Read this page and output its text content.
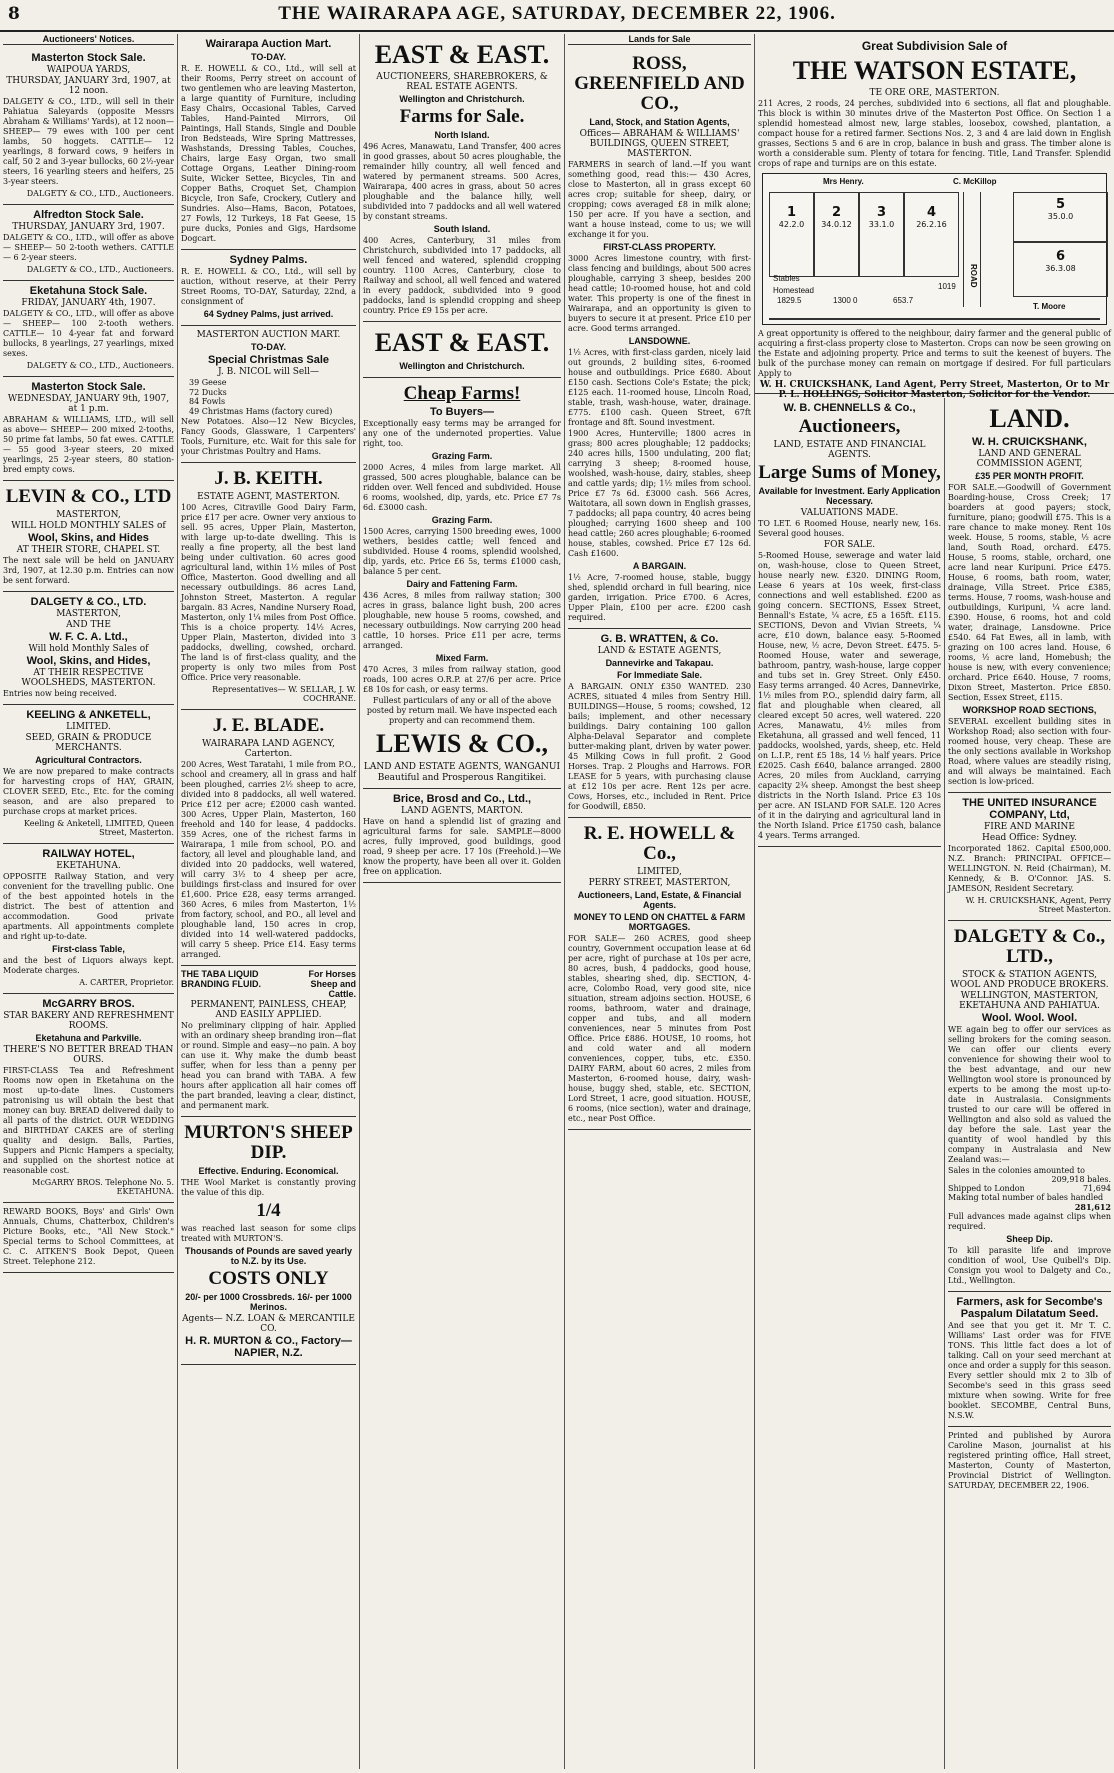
8	THE WAIRARAPA AGE, SATURDAY, DECEMBER 22, 1906.
Auctioneers' Notices.
Masterton Stock Sale.
WAIPOUA YARDS,
THURSDAY, JANUARY 3rd, 1907, at 12 noon.

DALGETY & CO., LTD., will sell in their Pahiatua Saleyards (opposite Messrs Abraham & Williams' Yards), at 12 noon— SHEEP— 79 ewes with 100 per cent lambs, 50 hoggets. CATTLE— 12 yearlings, 8 forward cows, 9 heifers in calf, 50 2 and 3-year bullocks, 60 2½-year steers, 16 yearling steers and heifers, 25 3-year steers.

DALGETY & CO., LTD., Auctioneers.
Alfredton Stock Sale.
THURSDAY, JANUARY 3rd, 1907.

DALGETY & CO., LTD., will offer as above— SHEEP— 50 2-tooth wethers. CATTLE— 6 2-year steers.

DALGETY & CO., LTD., Auctioneers.
Eketahuna Stock Sale.
FRIDAY, JANUARY 4th, 1907.

DALGETY & CO., LTD., will offer as above— SHEEP— 100 2-tooth wethers. CATTLE— 10 4-year fat and forward bullocks, 8 yearlings, 27 yearlings, mixed sexes.

DALGETY & CO., LTD., Auctioneers.
Masterton Stock Sale.
WEDNESDAY, JANUARY 9th, 1907, at 1 p.m.

ABRAHAM & WILLIAMS, LTD., will sell as above— SHEEP— 200 mixed 2-tooths, 50 prime fat lambs, 50 fat ewes. CATTLE— 55 good 3-year steers, 20 mixed yearlings, 25 2-year steers, 80 station-bred empty cows.

LEVIN & CO., LTD
MASTERTON,
WILL HOLD MONTHLY SALES of
Wool, Skins, and Hides
AT THEIR STORE, CHAPEL ST.

The next sale will be held on JANUARY 3rd, 1907, at 12.30 p.m. Entries can now be sent forward.

DALGETY & CO., LTD.
MASTERTON,
AND THE
W. F. C. A. Ltd.,
Will hold Monthly Sales of
Wool, Skins, and Hides,
AT THEIR RESPECTIVE WOOLSHEDS, MASTERTON.

Entries now being received.

KEELING & ANKETELL,
LIMITED.
SEED, GRAIN & PRODUCE MERCHANTS.
Agricultural Contractors.

We are now prepared to make contracts for harvesting crops of HAY, GRAIN, CLOVER SEED, Etc., Etc. for the coming season, and are also prepared to purchase crops at market prices.

Keeling & Anketell, LIMITED, Queen Street, Masterton.
RAILWAY HOTEL,
EKETAHUNA.

OPPOSITE Railway Station, and very convenient for the travelling public. One of the best appointed hotels in the district. The best of attention and accommodation. Good private apartments. All appointments complete and right up-to-date.

First-class Table,

and the best of Liquors always kept. Moderate charges.

A. CARTER, Proprietor.
McGARRY BROS.
STAR BAKERY AND REFRESHMENT ROOMS.
Eketahuna and Parkville.
THERE'S NO BETTER BREAD THAN OURS.

FIRST-CLASS Tea and Refreshment Rooms now open in Eketahuna on the most up-to-date lines. Customers patronising us will obtain the best that money can buy. BREAD delivered daily to all parts of the district. OUR WEDDING and BIRTHDAY CAKES are of sterling quality and design. Balls, Parties, Suppers and Picnic Hampers a specialty, and supplied on the shortest notice at reasonable cost.

McGARRY BROS. Telephone No. 5. EKETAHUNA.

REWARD BOOKS, Boys' and Girls' Own Annuals, Chums, Chatterbox, Children's Picture Books, etc., "All New Stock." Special terms to School Committees, at C. C. AITKEN'S Book Depot, Queen Street. Telephone 212.

Wairarapa Auction Mart.
TO-DAY.

R. E. HOWELL & CO., Ltd., will sell at their Rooms, Perry street on account of two gentlemen who are leaving Masterton, a large quantity of Furniture, including Easy Chairs, Occasional Tables, Carved Tables, Hand-Painted Mirrors, Oil Paintings, Hall Stands, Single and Double Iron Bedsteads, Wire Spring Mattresses, Washstands, Dressing Tables, Couches, Chairs, large Easy Organ, two small Cottage Organs, Leather Dining-room Suite, Wicker Settee, Bicycles, Tin and Copper Baths, Croquet Set, Champion Bicycle, Iron Safe, Crockery, Cutlery and Sundries. Also—Hams, Bacon, Potatoes, 27 Fowls, 12 Turkeys, 18 Fat Geese, 15 pure ducks, Ponies and Gigs, Hardsome Dogcart.

Sydney Palms.

R. E. HOWELL & CO., Ltd., will sell by auction, without reserve, at their Perry Street Rooms, TO-DAY, Saturday, 22nd, a consignment of

64 Sydney Palms, just arrived.
MASTERTON AUCTION MART.
TO-DAY.
Special Christmas Sale
J. B. NICOL will Sell—
39 Geese
72 Ducks
84 Fowls
49 Christmas Hams (factory cured)

New Potatoes. Also—12 New Bicycles, Fancy Goods, Glassware, 1 Carpenters' Tools, Furniture, etc. Wait for this sale for your Christmas Poultry and Hams.

J. B. KEITH.
ESTATE AGENT, MASTERTON.

100 Acres, Citraville Good Dairy Farm, price £17 per acre. Owner very anxious to sell. 95 acres, Upper Plain, Masterton, with large up-to-date dwelling. This is really a fine property, all the best land being under cultivation. 60 acres good agricultural land, within 1½ miles of Post Office, Masterton. Good dwelling and all necessary outbuildings. 86 acres Land, Johnston Street, Masterton. A regular bargain. 83 Acres, Nandine Nursery Road, Masterton, only 1¼ miles from Post Office. This is a choice property. 14½ Acres, Upper Plain, Masterton, divided into 3 paddocks, dwelling, cowshed, orchard. The land is of first-class quality, and the property is only two miles from Post Office. Price very reasonable.

Representatives— W. SELLAR, J. W. COCHRANE.
J. E. BLADE.
WAIRARAPA LAND AGENCY, Carterton.

200 Acres, West Taratahi, 1 mile from P.O., school and creamery, all in grass and half been ploughed, carries 2½ sheep to acre, divided into 8 paddocks, all well watered. Price £12 per acre; £2000 cash wanted. 300 Acres, Upper Plain, Masterton, 160 freehold and 140 for lease, 4 paddocks. 359 Acres, one of the richest farms in Wairarapa, 1 mile from school, P.O. and factory, all level and ploughable land, and divided into 20 paddocks, well watered, will carry 3½ to 4 sheep per acre, buildings first-class and insured for over £1,600. Price £28, easy terms arranged. 360 Acres, 6 miles from Masterton, 1½ from factory, school, and P.O., all level and ploughable land, 150 acres in crop, divided into 14 well-watered paddocks, will carry 5 sheep. Price £14. Easy terms arranged.

THE TABA LIQUID BRANDING FLUID.
For Horses Sheep and Cattle.
PERMANENT, PAINLESS, CHEAP, AND EASILY APPLIED.

No preliminary clipping of hair. Applied with an ordinary sheep branding iron—flat or round. Simple and easy—no pain. A boy can use it. Why make the dumb beast suffer, when for less than a penny per head you can brand with TABA. A few hours after application all hair comes off the part branded, leaving a clear, distinct, and permanent mark.

MURTON'S SHEEP DIP.
Effective. Enduring. Economical.

THE Wool Market is constantly proving the value of this dip.

1/4

was reached last season for some clips treated with MURTON'S.

Thousands of Pounds are saved yearly to N.Z. by its Use.
COSTS ONLY
20/- per 1000 Crossbreds. 16/- per 1000 Merinos.
Agents— N.Z. LOAN & MERCANTILE CO.
H. R. MURTON & CO., Factory—NAPIER, N.Z.
EAST & EAST.
AUCTIONEERS, SHAREBROKERS, & REAL ESTATE AGENTS.
Wellington and Christchurch.
Farms for Sale.
North Island.

496 Acres, Manawatu, Land Transfer, 400 acres in good grasses, about 50 acres ploughable, the remainder hilly country, all well fenced and watered by permanent streams. 500 Acres, Wairarapa, 400 acres in grass, about 50 acres ploughable and the balance hilly, well subdivided into 7 paddocks and all well watered by constant streams.

South Island.

400 Acres, Canterbury, 31 miles from Christchurch, subdivided into 17 paddocks, all well fenced and watered, splendid cropping country. 1100 Acres, Canterbury, close to Railway and school, all well fenced and watered in every paddock, subdivided into 9 good paddocks, land is splendid cropping and sheep country. Price £9 15s per acre.

EAST & EAST.
Wellington and Christchurch.
Cheap Farms!
To Buyers—

Exceptionally easy terms may be arranged for any one of the undernoted properties. Value right, too.

Grazing Farm.

2000 Acres, 4 miles from large market. All grassed, 500 acres ploughable, balance can be ridden over. Well fenced and subdivided. House 6 rooms, woolshed, dip, yards, etc. Price £7 7s 6d. £3000 cash.

Grazing Farm.

1500 Acres, carrying 1500 breeding ewes, 1000 wethers, besides cattle; well fenced and subdivided. House 4 rooms, splendid woolshed, dip, yards, etc. Price £6 5s, terms £1000 cash, balance 5 per cent.

Dairy and Fattening Farm.

436 Acres, 8 miles from railway station; 300 acres in grass, balance light bush, 200 acres ploughable, new house 5 rooms, cowshed, and necessary outbuildings. Now carrying 200 head cattle, 10 horses. Price £11 per acre, terms arranged.

Mixed Farm.

470 Acres, 3 miles from railway station, good roads, 100 acres O.R.P. at 27/6 per acre. Price £8 10s for cash, or easy terms.

Fullest particulars of any or all of the above posted by return mail. We have inspected each property and can recommend them.

LEWIS & CO.,
LAND AND ESTATE AGENTS, WANGANUI
Beautiful and Prosperous Rangitikei.
Brice, Brosd and Co., Ltd.,
LAND AGENTS, MARTON.

Have on hand a splendid list of grazing and agricultural farms for sale. SAMPLE—8000 acres, fully improved, good buildings, good road, 9 sheep per acre. 17 10s (Freehold.)—We know the property, have been all over it. Golden free on application.

Lands for Sale
ROSS, GREENFIELD AND CO.,
Land, Stock, and Station Agents,
Offices— ABRAHAM & WILLIAMS' BUILDINGS, QUEEN STREET, MASTERTON.

FARMERS in search of land.—If you want something good, read this:— 430 Acres, close to Masterton, all in grass except 60 acres crop; suitable for sheep, dairy, or cropping; cows averaged £8 in milk alone; 150 per acre. If you have a section, and want a house instead, come to us; we will exchange it for you.

FIRST-CLASS PROPERTY.

3000 Acres limestone country, with first-class fencing and buildings, about 500 acres ploughable, carrying 3 sheep, besides 200 head cattle; 10-roomed house, hot and cold water. This property is one of the finest in Wairarapa, and an opportunity is given to buyers to secure it at present. Price £10 per acre. Good terms arranged.

LANSDOWNE.

1½ Acres, with first-class garden, nicely laid out grounds, 2 building sites, 6-roomed house and outbuildings. Price £680. About £150 cash. Sections Cole's Estate; the pick; £125 each. 11-roomed house, Lincoln Road, stable, trash, wash-house, water, drainage. £775. £100 cash. Queen Street, 67ft frontage and 8ft. Sound investment.

1900 Acres, Hunterville; 1800 acres in grass; 800 acres ploughable; 12 paddocks; 240 acres hills, 1500 undulating, 200 flat; carrying 3 sheep; 8-roomed house, woolshed, wash-house, dairy, stables, sheep and cattle yards; dip; 1½ miles from school. Price £7 7s 6d. £3000 cash. 566 Acres, Waitotara, all sown down in English grasses, 7 paddocks; all papa country, 40 acres being ploughed; carrying 1600 sheep and 100 head cattle; 260 acres ploughable; 6-roomed house, stables, cowshed. Price £7 12s 6d. Cash £1600.

A BARGAIN.

1½ Acre, 7-roomed house, stable, buggy shed, splendid orchard in full bearing, nice garden, irrigation. Price £700. 6 Acres, Upper Plain, £100 per acre. £200 cash required.

G. B. WRATTEN, & Co.
LAND & ESTATE AGENTS,
Dannevirke and Takapau.
For Immediate Sale.

A BARGAIN. ONLY £350 WANTED. 230 ACRES, situated 4 miles from Sentry Hill. BUILDINGS—House, 5 rooms; cowshed, 12 bails; implement, and other necessary buildings. Dairy containing 100 gallon Alpha-Delaval Separator and complete butter-making plant, driven by water power. 45 Milking Cows in full profit. 2 Good Horses. Trap. 2 Ploughs and Harrows. FOR LEASE for 5 years, with purchasing clause at £12 10s per acre. Rent 12s per acre. Cows, Horses, etc., included in Rent. Price for Goodwill, £850.

R. E. HOWELL & Co.,
LIMITED,
PERRY STREET, MASTERTON,
Auctioneers, Land, Estate, & Financial Agents.
MONEY TO LEND ON CHATTEL & FARM MORTGAGES.

FOR SALE— 260 ACRES, good sheep country, Government occupation lease at 6d per acre, right of purchase at 10s per acre, 80 acres, bush, 4 paddocks, good house, stables, shearing shed, dip. SECTION, 4-acre, Colombo Road, very good site, nice situation, stream adjoins section. HOUSE, 6 rooms, bathroom, water and drainage, copper and tubs, and all modern conveniences, near 5 minutes from Post Office. Price £886. HOUSE, 10 rooms, hot and cold water and all modern conveniences, copper, tubs, etc. £350. DAIRY FARM, about 60 acres, 2 miles from Masterton, 6-roomed house, dairy, wash-house, buggy shed, stable, etc. SECTION, Lord Street, 1 acre, good situation. HOUSE, 6 rooms, (nice section), water and drainage, etc., near Post Office.

Great Subdivision Sale of
THE WATSON ESTATE,
TE ORE ORE, MASTERTON.

211 Acres, 2 roods, 24 perches, subdivided into 6 sections, all flat and ploughable. This block is within 30 minutes drive of the Masterton Post Office. On Section 1 a splendid homestead almost new, large stables, loosebox, cowshed, plantation, a compact house for a retired farmer. Sections Nos. 2, 3 and 4 are laid down in English grasses, Sections 5 and 6 are in crop, balance in bush and grass. The timber alone is worth a considerable sum. Plenty of totara for fencing. Title, Land Transfer. Splendid crops of rape and turnips are on this estate.

Mrs Henry.	C. McKillop
T. Moore
1
42.2.0
2
34.0.12
3
33.1.0
4
26.2.16
5
35.0.0
6
36.3.08
ROAD
Homestead
Stables
1829.5	1300 0	653.7
1019

A great opportunity is offered to the neighbour, dairy farmer and the general public of acquiring a first-class property close to Masterton. Crops can now be seen growing on the Estate and adjoining property. Price and terms to suit the keenest of buyers. The bulk of the purchase money can remain on mortgage if desired. For full particulars Apply to

W. H. CRUICKSHANK, Land Agent, Perry Street, Masterton, Or to Mr P. L. HOLLINGS, Solicitor Masterton, Solicitor for the Vendor.
W. B. CHENNELLS & Co.,
Auctioneers,
LAND, ESTATE AND FINANCIAL AGENTS.
Large Sums of Money,
Available for Investment. Early Application Necessary.
VALUATIONS MADE.

TO LET. 6 Roomed House, nearly new, 16s. Several good houses.

FOR SALE.

5-Roomed House, sewerage and water laid on, wash-house, close to Queen Street, house nearly new. £320. DINING Room, Lease 6 years at 10s week, first-class connections and well established. £200 as going concern. SECTIONS, Essex Street, Bennall's Estate, ¼ acre, £5 a 165ft. £115. SECTIONS, Devon and Vivian Streets, ¼ acre, £10 down, balance easy. 5-Roomed House, new, ½ acre, Devon Street. £475. 5-Roomed House, water and sewerage, bathroom, pantry, wash-house, large copper and tubs set in. Grey Street. Only £450. Easy terms arranged. 40 Acres, Dannevirke, 1½ miles from P.O., splendid dairy farm, all flat and ploughable when cleared, all cleared except 50 acres, well watered. 220 Acres, Manawatu, 4½ miles from Eketahuna, all grassed and well fenced, 11 paddocks, woolshed, yards, sheep, etc. Held on L.I.P., rent £5 18s, 14 ½ half years. Price £2025. Cash £640, balance arranged. 2800 Acres, 20 miles from Auckland, carrying capacity 2¾ sheep. Amongst the best sheep districts in the North Island. Price £3 10s per acre. AN ISLAND FOR SALE. 120 Acres of it in the dairying and agricultural land in the North Island. Price £1750 cash, balance 4 years. Terms arranged.

LAND.
W. H. CRUICKSHANK,
LAND AND GENERAL COMMISSION AGENT,
£35 PER MONTH PROFIT.

FOR SALE.—Goodwill of Government Boarding-house, Cross Creek; 17 boarders at good payers; stock, furniture, piano; goodwill £75. This is a rare chance to make money. Rent 10s week. House, 5 rooms, stable, ½ acre land, South Road, orchard. £475. House, 5 rooms, stable, orchard, one acre land near Kuripuni. Price £475. House, 6 rooms, bath room, water, drainage, Villa Street. Price £385, terms. House, 7 rooms, wash-house and outbuildings, Kuripuni, ¼ acre land. £390. House, 6 rooms, hot and cold water, drainage, Lansdowne. Price £540. 64 Fat Ewes, all in lamb, with grazing on 100 acres land. House, 6 rooms, ½ acre land, Homebush; the house is new, with every convenience; orchard. Price £640. House, 7 rooms, Dixon Street, Masterton. Price £850. Section, Essex Street, £115.

WORKSHOP ROAD SECTIONS,

SEVERAL excellent building sites in Workshop Road; also section with four-roomed house, very cheap. These are the only sections available in Workshop Road, where values are steadily rising, and will always be maintained. Each section is low-priced.

THE UNITED INSURANCE COMPANY, Ltd,
FIRE AND MARINE
Head Office: Sydney.

Incorporated 1862. Capital £500,000. N.Z. Branch: PRINCIPAL OFFICE—WELLINGTON. N. Reid (Chairman), M. Kennedy, & B. O'Connor. JAS. S. JAMESON, Resident Secretary.

W. H. CRUICKSHANK, Agent, Perry Street Masterton.
DALGETY & Co., LTD.,
STOCK & STATION AGENTS, WOOL AND PRODUCE BROKERS.
WELLINGTON, MASTERTON, EKETAHUNA AND PAHIATUA.
Wool. Wool. Wool.

WE again beg to offer our services as selling brokers for the coming season. We can offer our clients every convenience for showing their wool to the best advantage, and our new Wellington wool store is pronounced by experts to be among the most up-to-date in Australasia. Consignments trusted to our care will be offered in Wellington and also sold as valued the day before the sale. Last year the quantity of wool handled by this company in Australasia and New Zealand was:—

Sales in the colonies amounted to
209,918 bales.
Shipped to London	71,694
Making total number of bales handled
281,612

Full advances made against clips when required.

Sheep Dip.

To kill parasite life and improve condition of wool, Use Quibell's Dip. Consign you wool to Dalgety and Co., Ltd., Wellington.

Farmers, ask for Secombe's Paspalum Dilatatum Seed.

And see that you get it. Mr T. C. Williams' Last order was for FIVE TONS. This little fact does a lot of talking. Call on your seed merchant at once and order a supply for this season. Every settler should mix 2 to 3lb of Secombe's seed in this grass seed mixture when sowing. Write for free booklet. SECOMBE, Central Buns, N.S.W.

Printed and published by Aurora Caroline Mason, journalist at his registered printing office, Hall street, Masterton, County of Masterton, Provincial District of Wellington. SATURDAY, DECEMBER 22, 1906.
